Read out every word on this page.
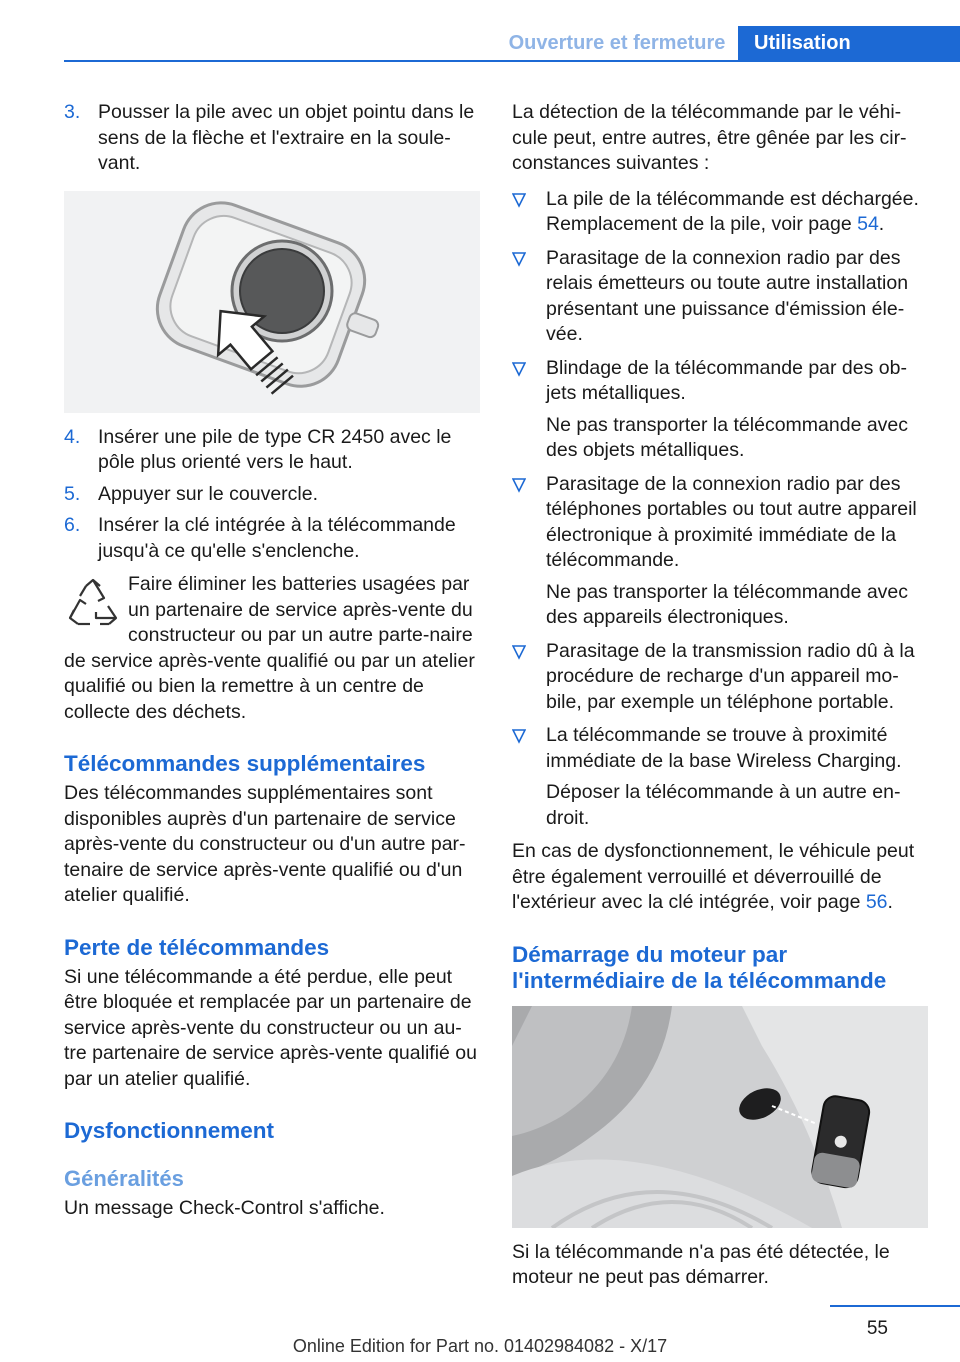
Ouverture et fermeture	Utilisation
3. Pousser la pile avec un objet pointu dans le sens de la flèche et l'extraire en la soule‐vant.
4. Insérer une pile de type CR 2450 avec le pôle plus orienté vers le haut.
5. Appuyer sur le couvercle.
6. Insérer la clé intégrée à la télécommande jusqu'à ce qu'elle s'enclenche.

Faire éliminer les batteries usagées par un partenaire de service après-vente du constructeur ou par un autre parte‐naire de service après-vente qualifié ou par un atelier qualifié ou bien la remettre à un centre de collecte des déchets.

Télécommandes supplémentaires

Des télécommandes supplémentaires sont disponibles auprès d'un partenaire de service après-vente du constructeur ou d'un autre par‐tenaire de service après-vente qualifié ou d'un atelier qualifié.

Perte de télécommandes

Si une télécommande a été perdue, elle peut être bloquée et remplacée par un partenaire de service après-vente du constructeur ou un au‐tre partenaire de service après-vente qualifié ou par un atelier qualifié.

Dysfonctionnement
Généralités

Un message Check-Control s'affiche.

La détection de la télécommande par le véhi‐cule peut, entre autres, être gênée par les cir‐constances suivantes :

La pile de la télécommande est déchargée. Remplacement de la pile, voir page 54.

Parasitage de la connexion radio par des relais émetteurs ou toute autre installation présentant une puissance d'émission éle‐vée.

Blindage de la télécommande par des ob‐jets métalliques.

Ne pas transporter la télécommande avec des objets métalliques.

Parasitage de la connexion radio par des téléphones portables ou tout autre appareil électronique à proximité immédiate de la télécommande.

Ne pas transporter la télécommande avec des appareils électroniques.

Parasitage de la transmission radio dû à la procédure de recharge d'un appareil mo‐bile, par exemple un téléphone portable.

La télécommande se trouve à proximité immédiate de la base Wireless Charging.

Déposer la télécommande à un autre en‐droit.

En cas de dysfonctionnement, le véhicule peut être également verrouillé et déverrouillé de l'extérieur avec la clé intégrée, voir page 56.

Démarrage du moteur par l'intermédiaire de la télécommande

Si la télécommande n'a pas été détectée, le moteur ne peut pas démarrer.

55
Online Edition for Part no. 01402984082 - X/17
